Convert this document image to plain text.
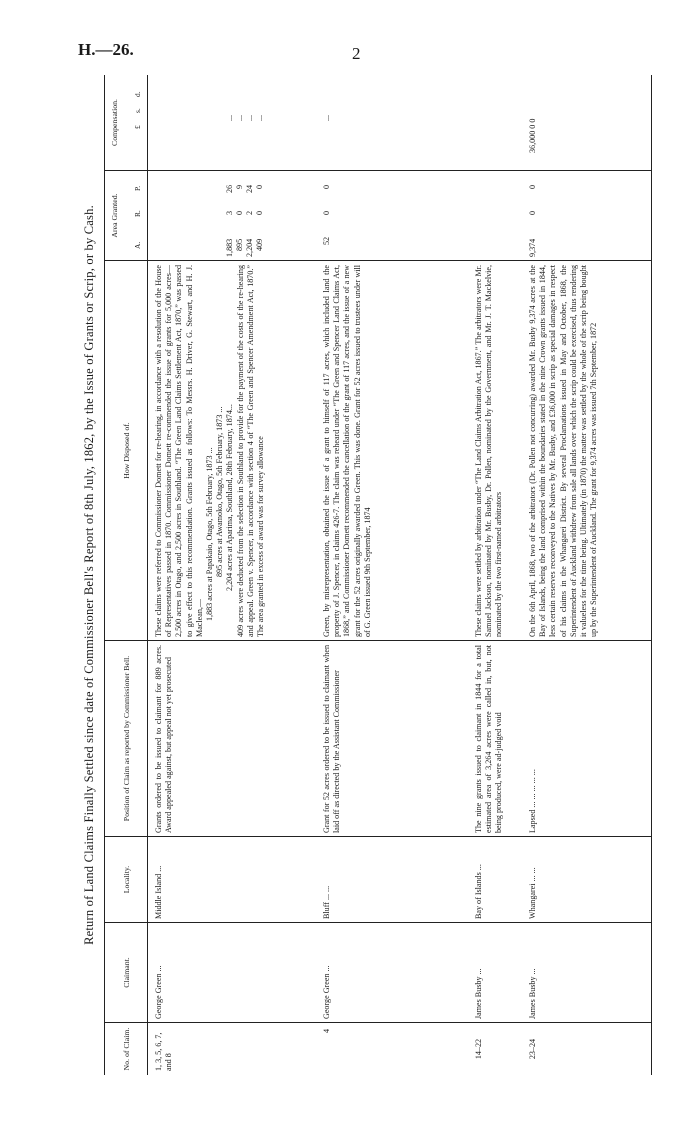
H.—26.	2
Return of Land Claims Finally Settled since date of Commissioner Bell's Report of 8th July, 1862, by the Issue of Grants or Scrip, or by Cash.
No. of Claim.
Claimant.
Locality.
Position of Claim as reported by Commissioner Bell.
How Disposed of.
Area Granted.
A.
R.
P.
Compensation. £
s.
d.
1, 3, 5, 6, 7, and 8
George Green ...
Middle Island ...
Grants ordered to be issued to claimant for 889 acres. Award appealed against, but appeal not yet prosecuted
These claims were referred to Commissioner Domett for re-hearing, in accordance with a resolution of the House of Representatives passed in 1870. Commissioner Domett re-commended the issue of grants for 5,000 acres—2,500 acres in Otago, and 2,500 acres in Southland. “The Green Land Claims Settlement Act, 1870,” was passed to give effect to this recommendation. Grants issued as follows: To Messrs. H. Driver, G. Stewart, and H. J. Maclean,— 1,883 acres at Papakaio, Otago, 5th February, 1873 ... 895 acres at Awamoko, Otago, 5th February, 1873 ... 2,204 acres at Aparima, Southland, 28th February, 1874... 409 acres were deducted from the selection in Southland to provide for the payment of the costs of the re-hearing and appeal. Green v. Spencer, in accordance with section 4 of “The Green and Spencer Amendment Act, 1870.” The area granted in excess of award was for survey allowance
1,883
3
26
895
0
9
2,204
2
24
409
0
0
... ... ... ...
4
George Green ...
Bluff ... ...
Grant for 52 acres ordered to be issued to claimant when laid off as directed by the Assistant Commissioner
Green, by misrepresentation, obtained the issue of a grant to himself of 117 acres, which included land the property of J. Spencer, in claims 426-7. The claim was reheard under “The Green and Spencer Land Claims Act, 1868,” and Commissioner Domett recommended the cancellation of the grant of 117 acres, and the issue of a new grant for the 52 acres originally awarded to Green. This was done. Grant for 52 acres issued to trustees under will of G. Green issued 9th September, 1874
52
0
0
...
14–22
James Busby ...
Bay of Islands ...
The nine grants issued to claimant in 1844 for a total estimated area of 3,264 acres were called in, but, not being produced, were ad-judged void
These claims were settled by arbitration under “The Land Claims Arbitration Act, 1867.” The arbitrators were Mr. Samuel Jackson, nominated by Mr. Busby, Dr. Pollen, nominated by the Government, and Mr. J. T. Mackelvie, nominated by the two first-named arbitrators
23–24
James Busby ...
Whangarei ... ...
Lapsed ... ... ... ... ...
On the 6th April, 1868, two of the arbitrators (Dr. Pollen not concurring) awarded Mr. Busby 9,374 acres at the Bay of Islands, being the land comprised within the boundaries stated in the nine Crown grants issued in 1844, less certain reserves reconveyed to the Natives by Mr. Busby, and £36,000 in scrip as special damages in respect of his claims in the Whangarei District. By several Proclamations issued in May and October, 1868, the Superintendent of Auckland withdrew from sale all lands over which the scrip could be exercised, thus rendering it valueless for the time being. Ultimately (in 1870) the matter was settled by the whole of the scrip being bought up by the Superintendent of Auckland. The grant for 9,374 acres was issued 7th September, 1872
9,374
0
0
36,000 0 0
